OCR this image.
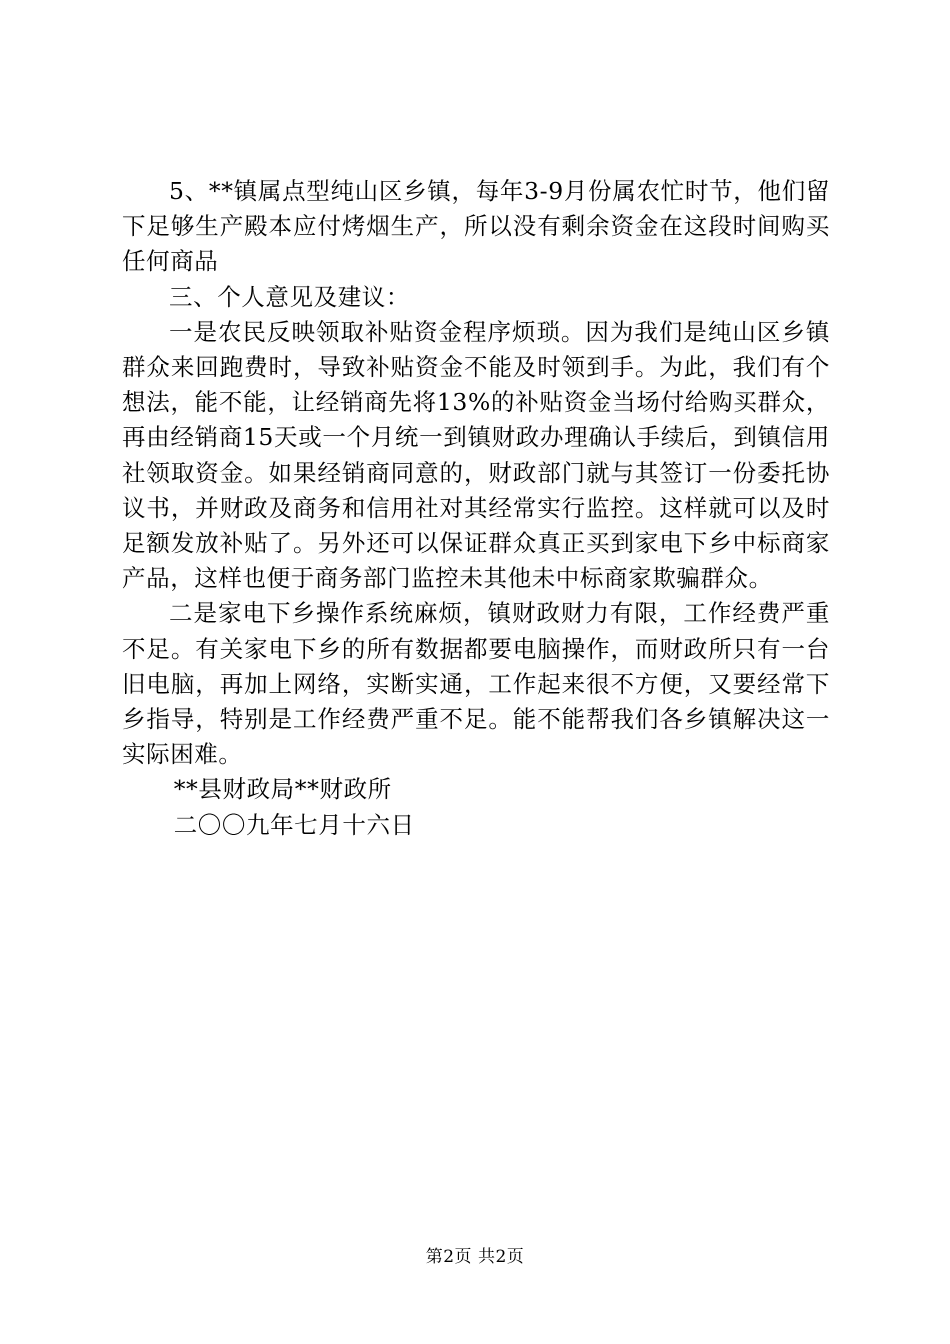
5、**镇属点型纯山区乡镇，每年3-9月份属农忙时节，他们留下足够生产殿本应付烤烟生产，所以没有剩余资金在这段时间购买任何商品

三、个人意见及建议：

一是农民反映领取补贴资金程序烦琐。因为我们是纯山区乡镇群众来回跑费时，导致补贴资金不能及时领到手。为此，我们有个想法，能不能，让经销商先将13%的补贴资金当场付给购买群众，再由经销商15天或一个月统一到镇财政办理确认手续后，到镇信用社领取资金。如果经销商同意的，财政部门就与其签订一份委托协议书，并财政及商务和信用社对其经常实行监控。这样就可以及时足额发放补贴了。另外还可以保证群众真正买到家电下乡中标商家产品，这样也便于商务部门监控未其他未中标商家欺骗群众。

二是家电下乡操作系统麻烦，镇财政财力有限，工作经费严重不足。有关家电下乡的所有数据都要电脑操作，而财政所只有一台旧电脑，再加上网络，实断实通，工作起来很不方便，又要经常下乡指导，特别是工作经费严重不足。能不能帮我们各乡镇解决这一实际困难。

**县财政局**财政所

二〇〇九年七月十六日

第2页 共2页
